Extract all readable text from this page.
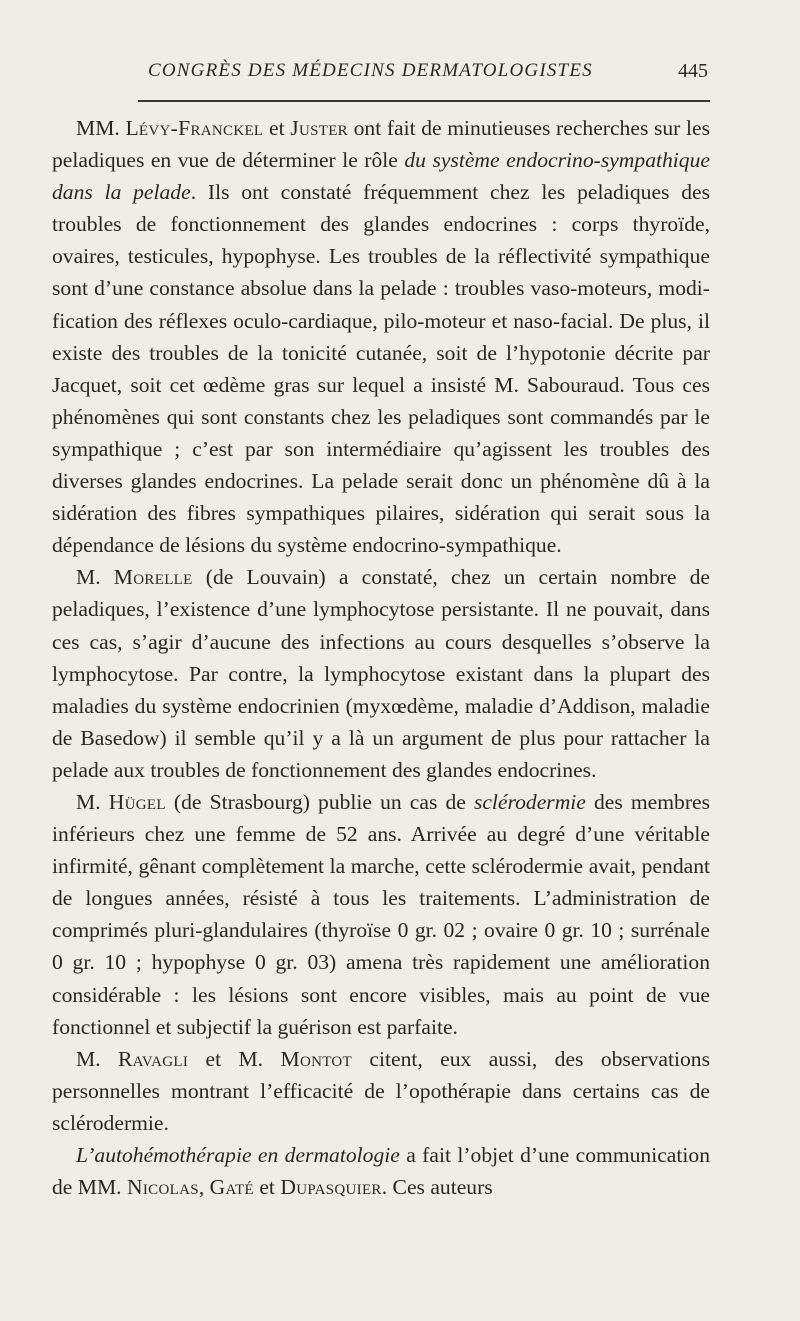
CONGRÈS DES MÉDECINS DERMATOLOGISTES	445

MM. Lévy-Franckel et Juster ont fait de minutieuses recherches sur les peladiques en vue de déterminer le rôle du système endocrino-sympathique dans la pelade. Ils ont constaté fréquemment chez les peladiques des troubles de fonctionnement des glandes endocrines : corps thyroïde, ovaires, testicules, hypophyse. Les troubles de la réflectivité sympathique sont d’une constance absolue dans la pelade : troubles vaso-moteurs, modification des réflexes oculo-cardiaque, pilo-moteur et naso-facial. De plus, il existe des troubles de la tonicité cutanée, soit de l’hypotonie décrite par Jacquet, soit cet œdème gras sur lequel a insisté M. Sabouraud. Tous ces phénomènes qui sont constants chez les peladiques sont commandés par le sympathique ; c’est par son intermédiaire qu’agissent les troubles des diverses glandes endocrines. La pelade serait donc un phénomène dû à la sidération des fibres sympathiques pilaires, sidération qui serait sous la dépendance de lésions du système endocrino-sympathique.

M. Morelle (de Louvain) a constaté, chez un certain nombre de peladiques, l’existence d’une lymphocytose persistante. Il ne pouvait, dans ces cas, s’agir d’aucune des infections au cours desquelles s’observe la lymphocytose. Par contre, la lymphocytose existant dans la plupart des maladies du système endocrinien (myxœdème, maladie d’Addison, maladie de Basedow) il semble qu’il y a là un argument de plus pour rattacher la pelade aux troubles de fonctionnement des glandes endocrines.

M. Hügel (de Strasbourg) publie un cas de sclérodermie des membres inférieurs chez une femme de 52 ans. Arrivée au degré d’une véritable infirmité, gênant complètement la marche, cette sclérodermie avait, pendant de longues années, résisté à tous les traitements. L’administration de comprimés pluri-glandulaires (thyroïse 0 gr. 02 ; ovaire 0 gr. 10 ; surrénale 0 gr. 10 ; hypophyse 0 gr. 03) amena très rapidement une amélioration considérable : les lésions sont encore visibles, mais au point de vue fonctionnel et subjectif la guérison est parfaite.

M. Ravagli et M. Montot citent, eux aussi, des observations personnelles montrant l’efficacité de l’opothérapie dans certains cas de sclérodermie.

L’autohémothérapie en dermatologie a fait l’objet d’une communication de MM. Nicolas, Gaté et Dupasquier. Ces auteurs
